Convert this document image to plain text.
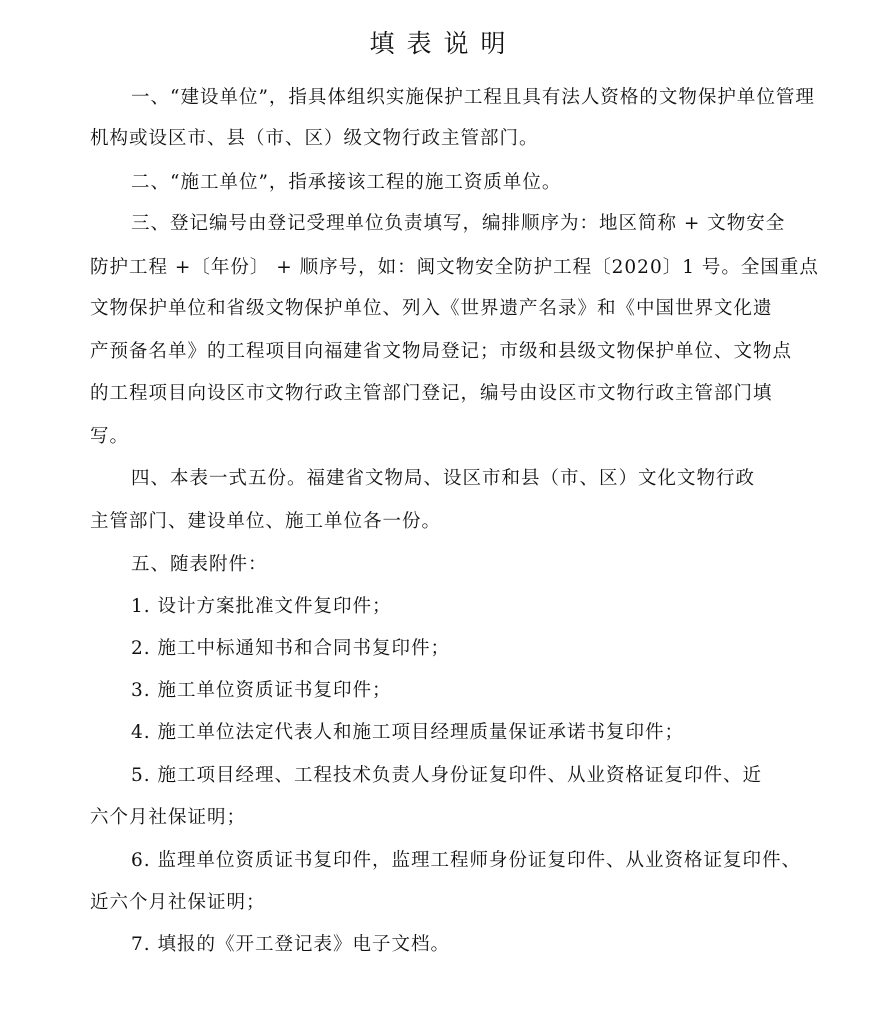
填表说明
一、“建设单位”，指具体组织实施保护工程且具有法人资格的文物保护单位管理
机构或设区市、县（市、区）级文物行政主管部门。
二、“施工单位”，指承接该工程的施工资质单位。
三、登记编号由登记受理单位负责填写，编排顺序为：地区简称 + 文物安全
防护工程 +〔年份〕 + 顺序号，如：闽文物安全防护工程〔2020〕1 号。全国重点
文物保护单位和省级文物保护单位、列入《世界遗产名录》和《中国世界文化遗
产预备名单》的工程项目向福建省文物局登记；市级和县级文物保护单位、文物点
的工程项目向设区市文物行政主管部门登记，编号由设区市文物行政主管部门填
写。
四、本表一式五份。福建省文物局、设区市和县（市、区）文化文物行政
主管部门、建设单位、施工单位各一份。
五、随表附件：
1. 设计方案批准文件复印件；
2. 施工中标通知书和合同书复印件；
3. 施工单位资质证书复印件；
4. 施工单位法定代表人和施工项目经理质量保证承诺书复印件；
5. 施工项目经理、工程技术负责人身份证复印件、从业资格证复印件、近
六个月社保证明；
6. 监理单位资质证书复印件，监理工程师身份证复印件、从业资格证复印件、
近六个月社保证明；
7. 填报的《开工登记表》电子文档。
